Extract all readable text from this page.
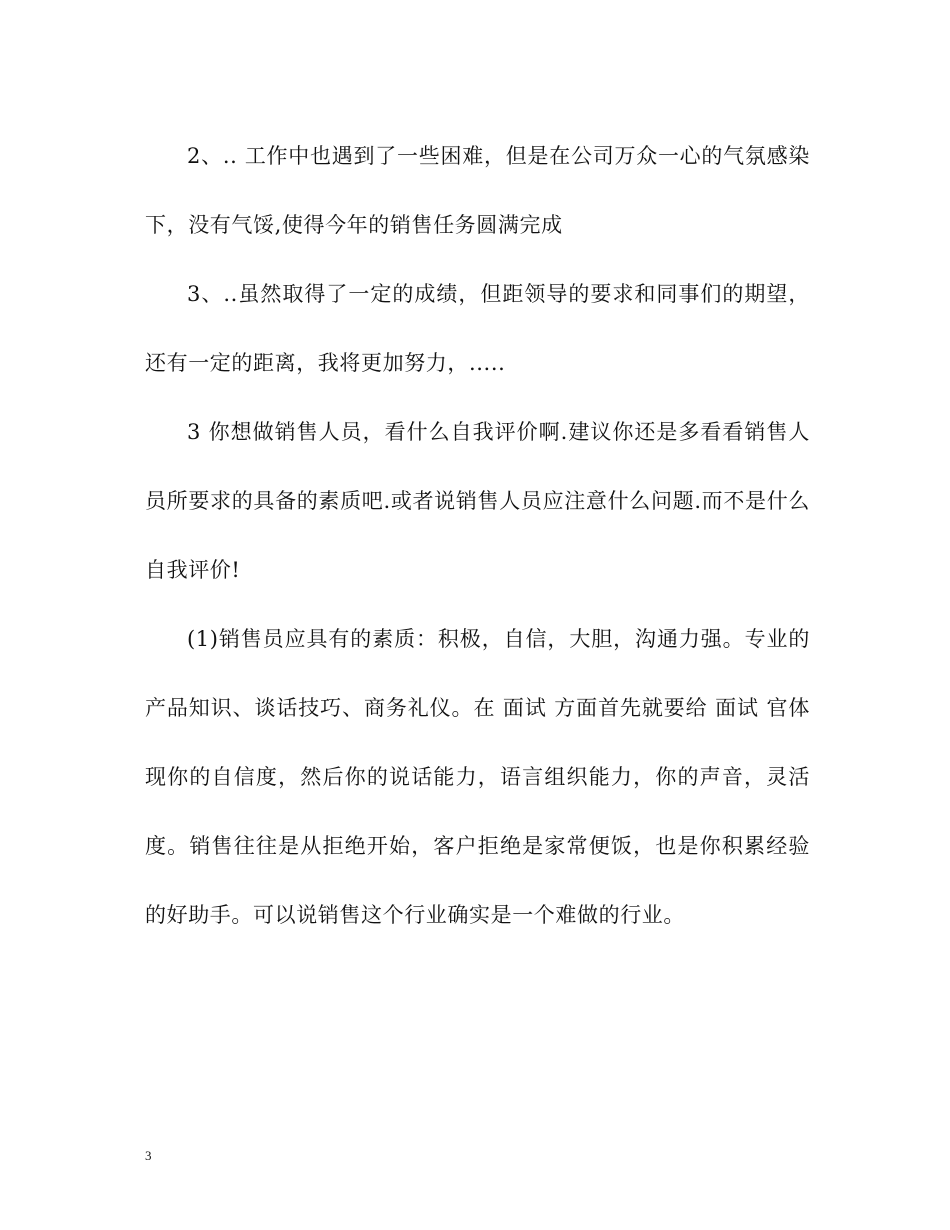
2、.. 工作中也遇到了一些困难，但是在公司万众一心的气氛感染下，没有气馁,使得今年的销售任务圆满完成

3、..虽然取得了一定的成绩，但距领导的要求和同事们的期望，还有一定的距离，我将更加努力，.....

3 你想做销售人员，看什么自我评价啊.建议你还是多看看销售人员所要求的具备的素质吧.或者说销售人员应注意什么问题.而不是什么自我评价!

(1)销售员应具有的素质：积极，自信，大胆，沟通力强。专业的产品知识、谈话技巧、商务礼仪。在 面试 方面首先就要给 面试 官体现你的自信度，然后你的说话能力，语言组织能力，你的声音，灵活度。销售往往是从拒绝开始，客户拒绝是家常便饭，也是你积累经验的好助手。可以说销售这个行业确实是一个难做的行业。

3
